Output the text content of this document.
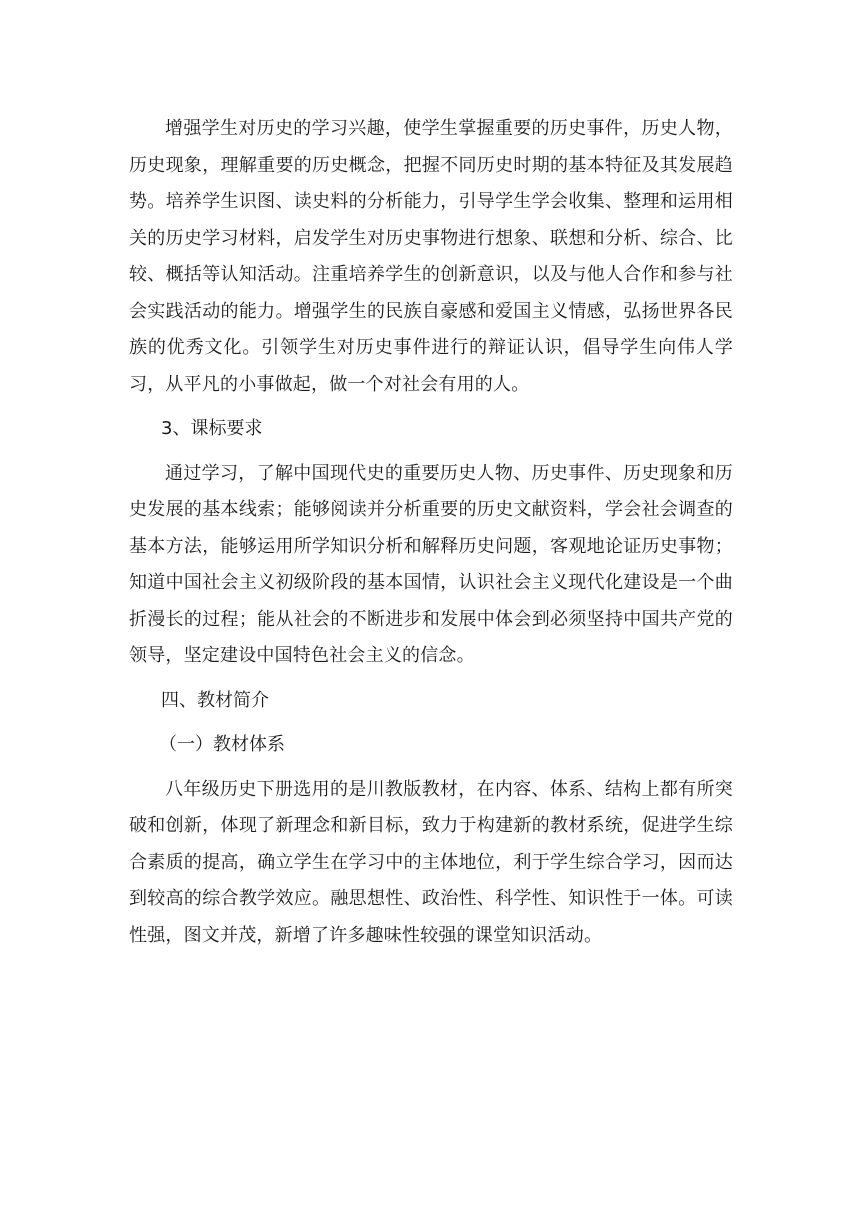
增强学生对历史的学习兴趣，使学生掌握重要的历史事件，历史人物，历史现象，理解重要的历史概念，把握不同历史时期的基本特征及其发展趋势。培养学生识图、读史料的分析能力，引导学生学会收集、整理和运用相关的历史学习材料，启发学生对历史事物进行想象、联想和分析、综合、比较、概括等认知活动。注重培养学生的创新意识，以及与他人合作和参与社会实践活动的能力。增强学生的民族自豪感和爱国主义情感，弘扬世界各民族的优秀文化。引领学生对历史事件进行的辩证认识，倡导学生向伟人学习，从平凡的小事做起，做一个对社会有用的人。

3、课标要求

通过学习，了解中国现代史的重要历史人物、历史事件、历史现象和历史发展的基本线索；能够阅读并分析重要的历史文献资料，学会社会调查的基本方法，能够运用所学知识分析和解释历史问题，客观地论证历史事物；知道中国社会主义初级阶段的基本国情，认识社会主义现代化建设是一个曲折漫长的过程；能从社会的不断进步和发展中体会到必须坚持中国共产党的领导，坚定建设中国特色社会主义的信念。

四、教材简介

（一）教材体系

八年级历史下册选用的是川教版教材，在内容、体系、结构上都有所突破和创新，体现了新理念和新目标，致力于构建新的教材系统，促进学生综合素质的提高，确立学生在学习中的主体地位，利于学生综合学习，因而达到较高的综合教学效应。融思想性、政治性、科学性、知识性于一体。可读性强，图文并茂，新增了许多趣味性较强的课堂知识活动。
